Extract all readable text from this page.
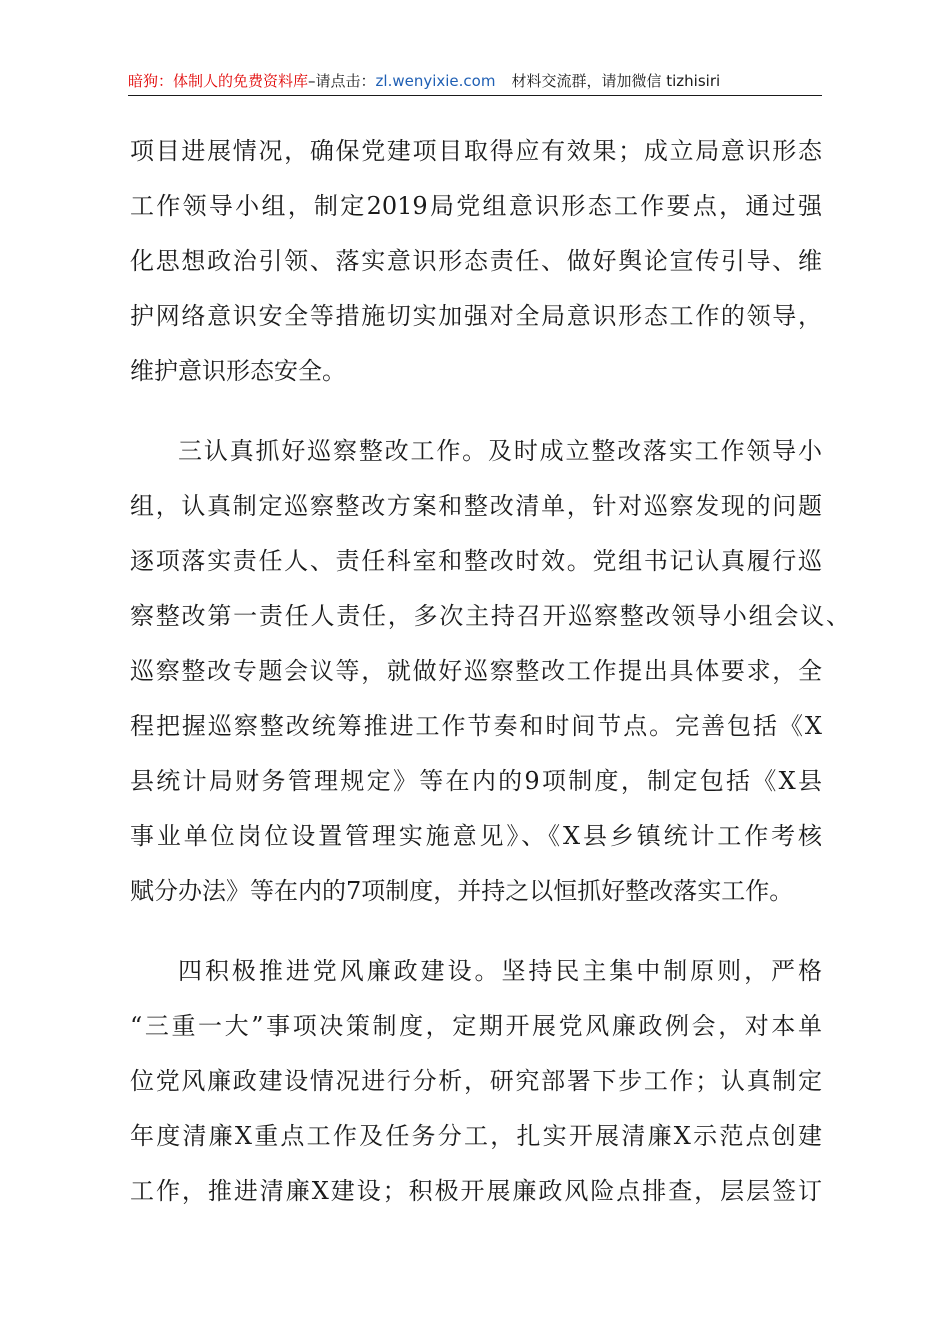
暗狗：体制人的免费资料库–请点击：zl.wenyixie.com 材料交流群，请加微信 tizhisiri
项目进展情况，确保党建项目取得应有效果；成立局意识形态
工作领导小组，制定2019局党组意识形态工作要点，通过强
化思想政治引领、落实意识形态责任、做好舆论宣传引导、维
护网络意识安全等措施切实加强对全局意识形态工作的领导，
维护意识形态安全。
三认真抓好巡察整改工作。及时成立整改落实工作领导小
组，认真制定巡察整改方案和整改清单，针对巡察发现的问题
逐项落实责任人、责任科室和整改时效。党组书记认真履行巡
察整改第一责任人责任，多次主持召开巡察整改领导小组会议、
巡察整改专题会议等，就做好巡察整改工作提出具体要求，全
程把握巡察整改统筹推进工作节奏和时间节点。完善包括《X
县统计局财务管理规定》等在内的9项制度，制定包括《X县
事业单位岗位设置管理实施意见》、《X县乡镇统计工作考核
赋分办法》等在内的7项制度，并持之以恒抓好整改落实工作。
四积极推进党风廉政建设。坚持民主集中制原则，严格
“三重一大”事项决策制度，定期开展党风廉政例会，对本单
位党风廉政建设情况进行分析，研究部署下步工作；认真制定
年度清廉X重点工作及任务分工，扎实开展清廉X示范点创建
工作，推进清廉X建设；积极开展廉政风险点排查，层层签订
